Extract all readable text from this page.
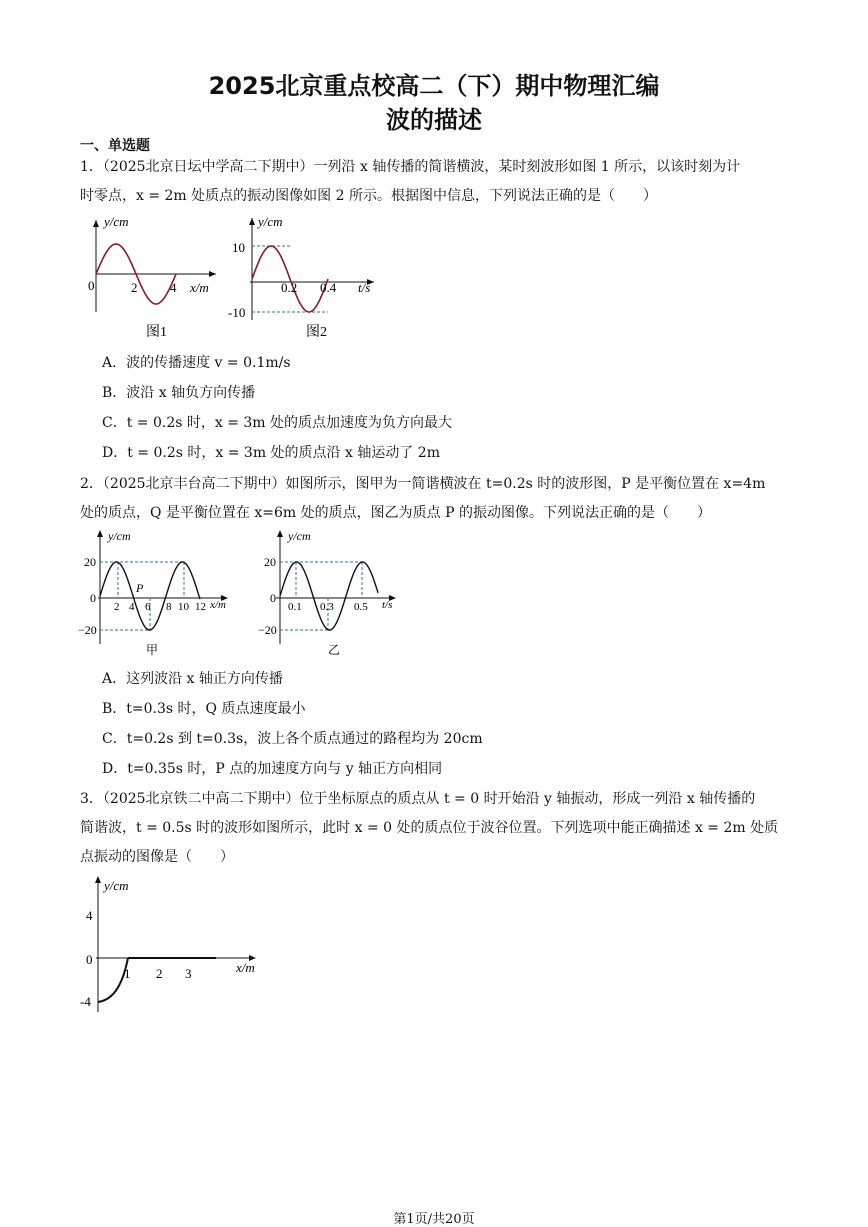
2025北京重点校高二（下）期中物理汇编
波的描述
一、单选题
1．（2025北京日坛中学高二下期中）一列沿 x 轴传播的简谐横波，某时刻波形如图 1 所示，以该时刻为计
时零点，x = 2m 处质点的振动图像如图 2 所示。根据图中信息，下列说法正确的是（　　）
y/cm
x/m
0	2	4
图1
y/cm
t/s
10
-10
0.2 0.4
图2
A．波的传播速度 v = 0.1m/s
B．波沿 x 轴负方向传播
C．t = 0.2s 时，x = 3m 处的质点加速度为负方向最大
D．t = 0.2s 时，x = 3m 处的质点沿 x 轴运动了 2m
2．（2025北京丰台高二下期中）如图所示，图甲为一简谐横波在 t=0.2s 时的波形图，P 是平衡位置在 x=4m
处的质点，Q 是平衡位置在 x=6m 处的质点，图乙为质点 P 的振动图像。下列说法正确的是（　　）
y/cm
x/m
20
−20
0
2 4 6 8 10 12
P
甲
y/cm
t/s
20
−20
0
0.1 0.3 0.5
乙
A．这列波沿 x 轴正方向传播
B．t=0.3s 时，Q 质点速度最小
C．t=0.2s 到 t=0.3s，波上各个质点通过的路程均为 20cm
D．t=0.35s 时，P 点的加速度方向与 y 轴正方向相同
3．（2025北京铁二中高二下期中）位于坐标原点的质点从 t = 0 时开始沿 y 轴振动，形成一列沿 x 轴传播的
简谐波，t = 0.5s 时的波形如图所示，此时 x = 0 处的质点位于波谷位置。下列选项中能正确描述 x = 2m 处质
点振动的图像是（　　）
y/cm
x/m
4
-4
0
1 2 3
第1页/共20页
